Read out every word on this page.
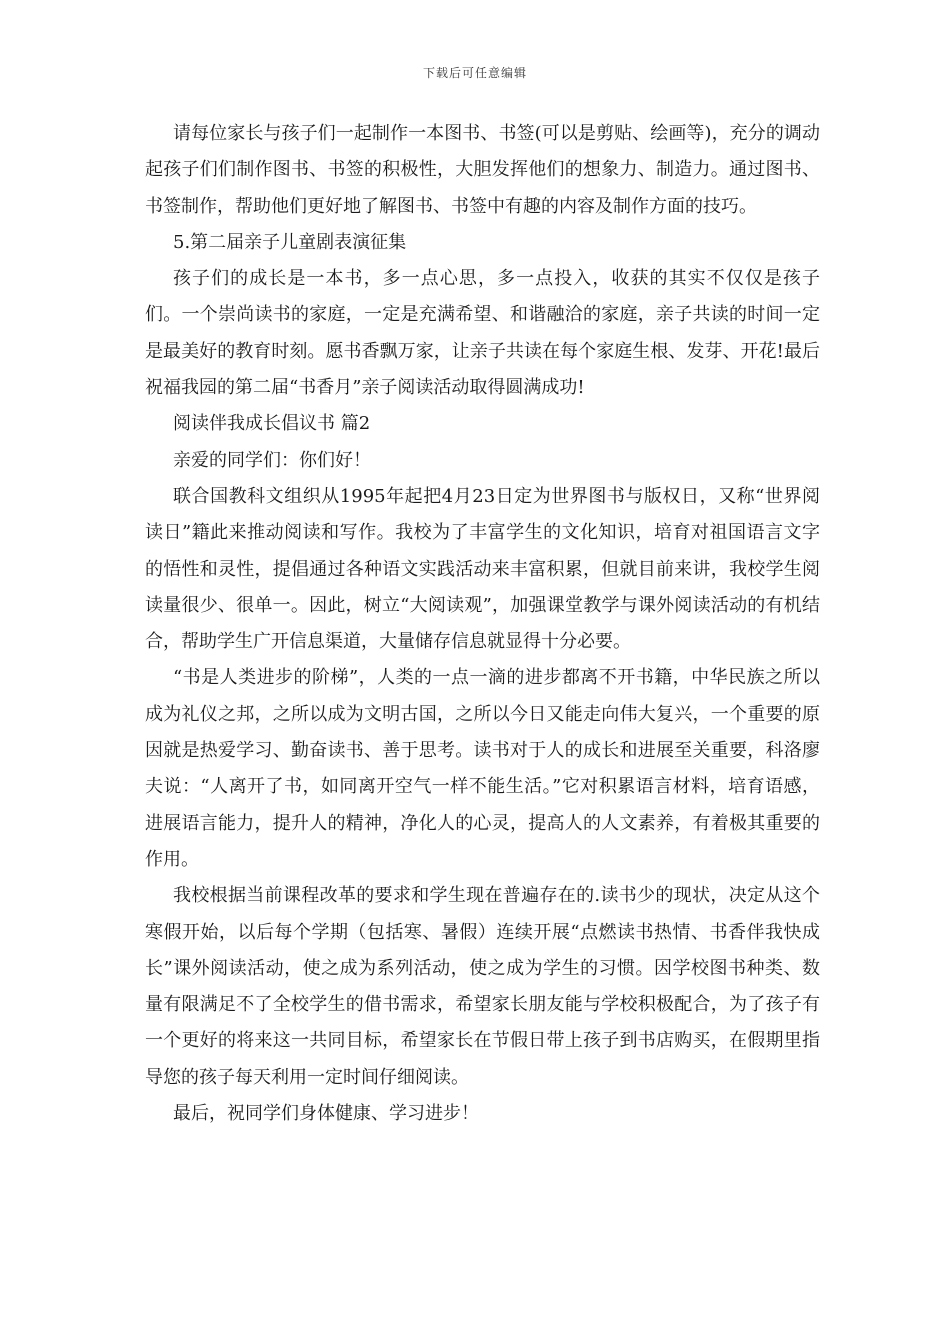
下载后可任意编辑

请每位家长与孩子们一起制作一本图书、书签(可以是剪贴、绘画等)，充分的调动起孩子们们制作图书、书签的积极性，大胆发挥他们的想象力、制造力。通过图书、书签制作，帮助他们更好地了解图书、书签中有趣的内容及制作方面的技巧。

5.第二届亲子儿童剧表演征集

孩子们的成长是一本书，多一点心思，多一点投入，收获的其实不仅仅是孩子们。一个崇尚读书的家庭，一定是充满希望、和谐融洽的家庭，亲子共读的时间一定是最美好的教育时刻。愿书香飘万家，让亲子共读在每个家庭生根、发芽、开花!最后祝福我园的第二届“书香月”亲子阅读活动取得圆满成功!

阅读伴我成长倡议书 篇2

亲爱的同学们：你们好！

联合国教科文组织从1995年起把4月23日定为世界图书与版权日，又称“世界阅读日”籍此来推动阅读和写作。我校为了丰富学生的文化知识，培育对祖国语言文字的悟性和灵性，提倡通过各种语文实践活动来丰富积累，但就目前来讲，我校学生阅读量很少、很单一。因此，树立“大阅读观”，加强课堂教学与课外阅读活动的有机结合，帮助学生广开信息渠道，大量储存信息就显得十分必要。

“书是人类进步的阶梯”，人类的一点一滴的进步都离不开书籍，中华民族之所以成为礼仪之邦，之所以成为文明古国，之所以今日又能走向伟大复兴，一个重要的原因就是热爱学习、勤奋读书、善于思考。读书对于人的成长和进展至关重要，科洛廖夫说：“人离开了书，如同离开空气一样不能生活。”它对积累语言材料，培育语感，进展语言能力，提升人的精神，净化人的心灵，提高人的人文素养，有着极其重要的作用。

我校根据当前课程改革的要求和学生现在普遍存在的.读书少的现状，决定从这个寒假开始，以后每个学期（包括寒、暑假）连续开展“点燃读书热情、书香伴我快成长”课外阅读活动，使之成为系列活动，使之成为学生的习惯。因学校图书种类、数量有限满足不了全校学生的借书需求，希望家长朋友能与学校积极配合，为了孩子有一个更好的将来这一共同目标，希望家长在节假日带上孩子到书店购买，在假期里指导您的孩子每天利用一定时间仔细阅读。

最后，祝同学们身体健康、学习进步！
